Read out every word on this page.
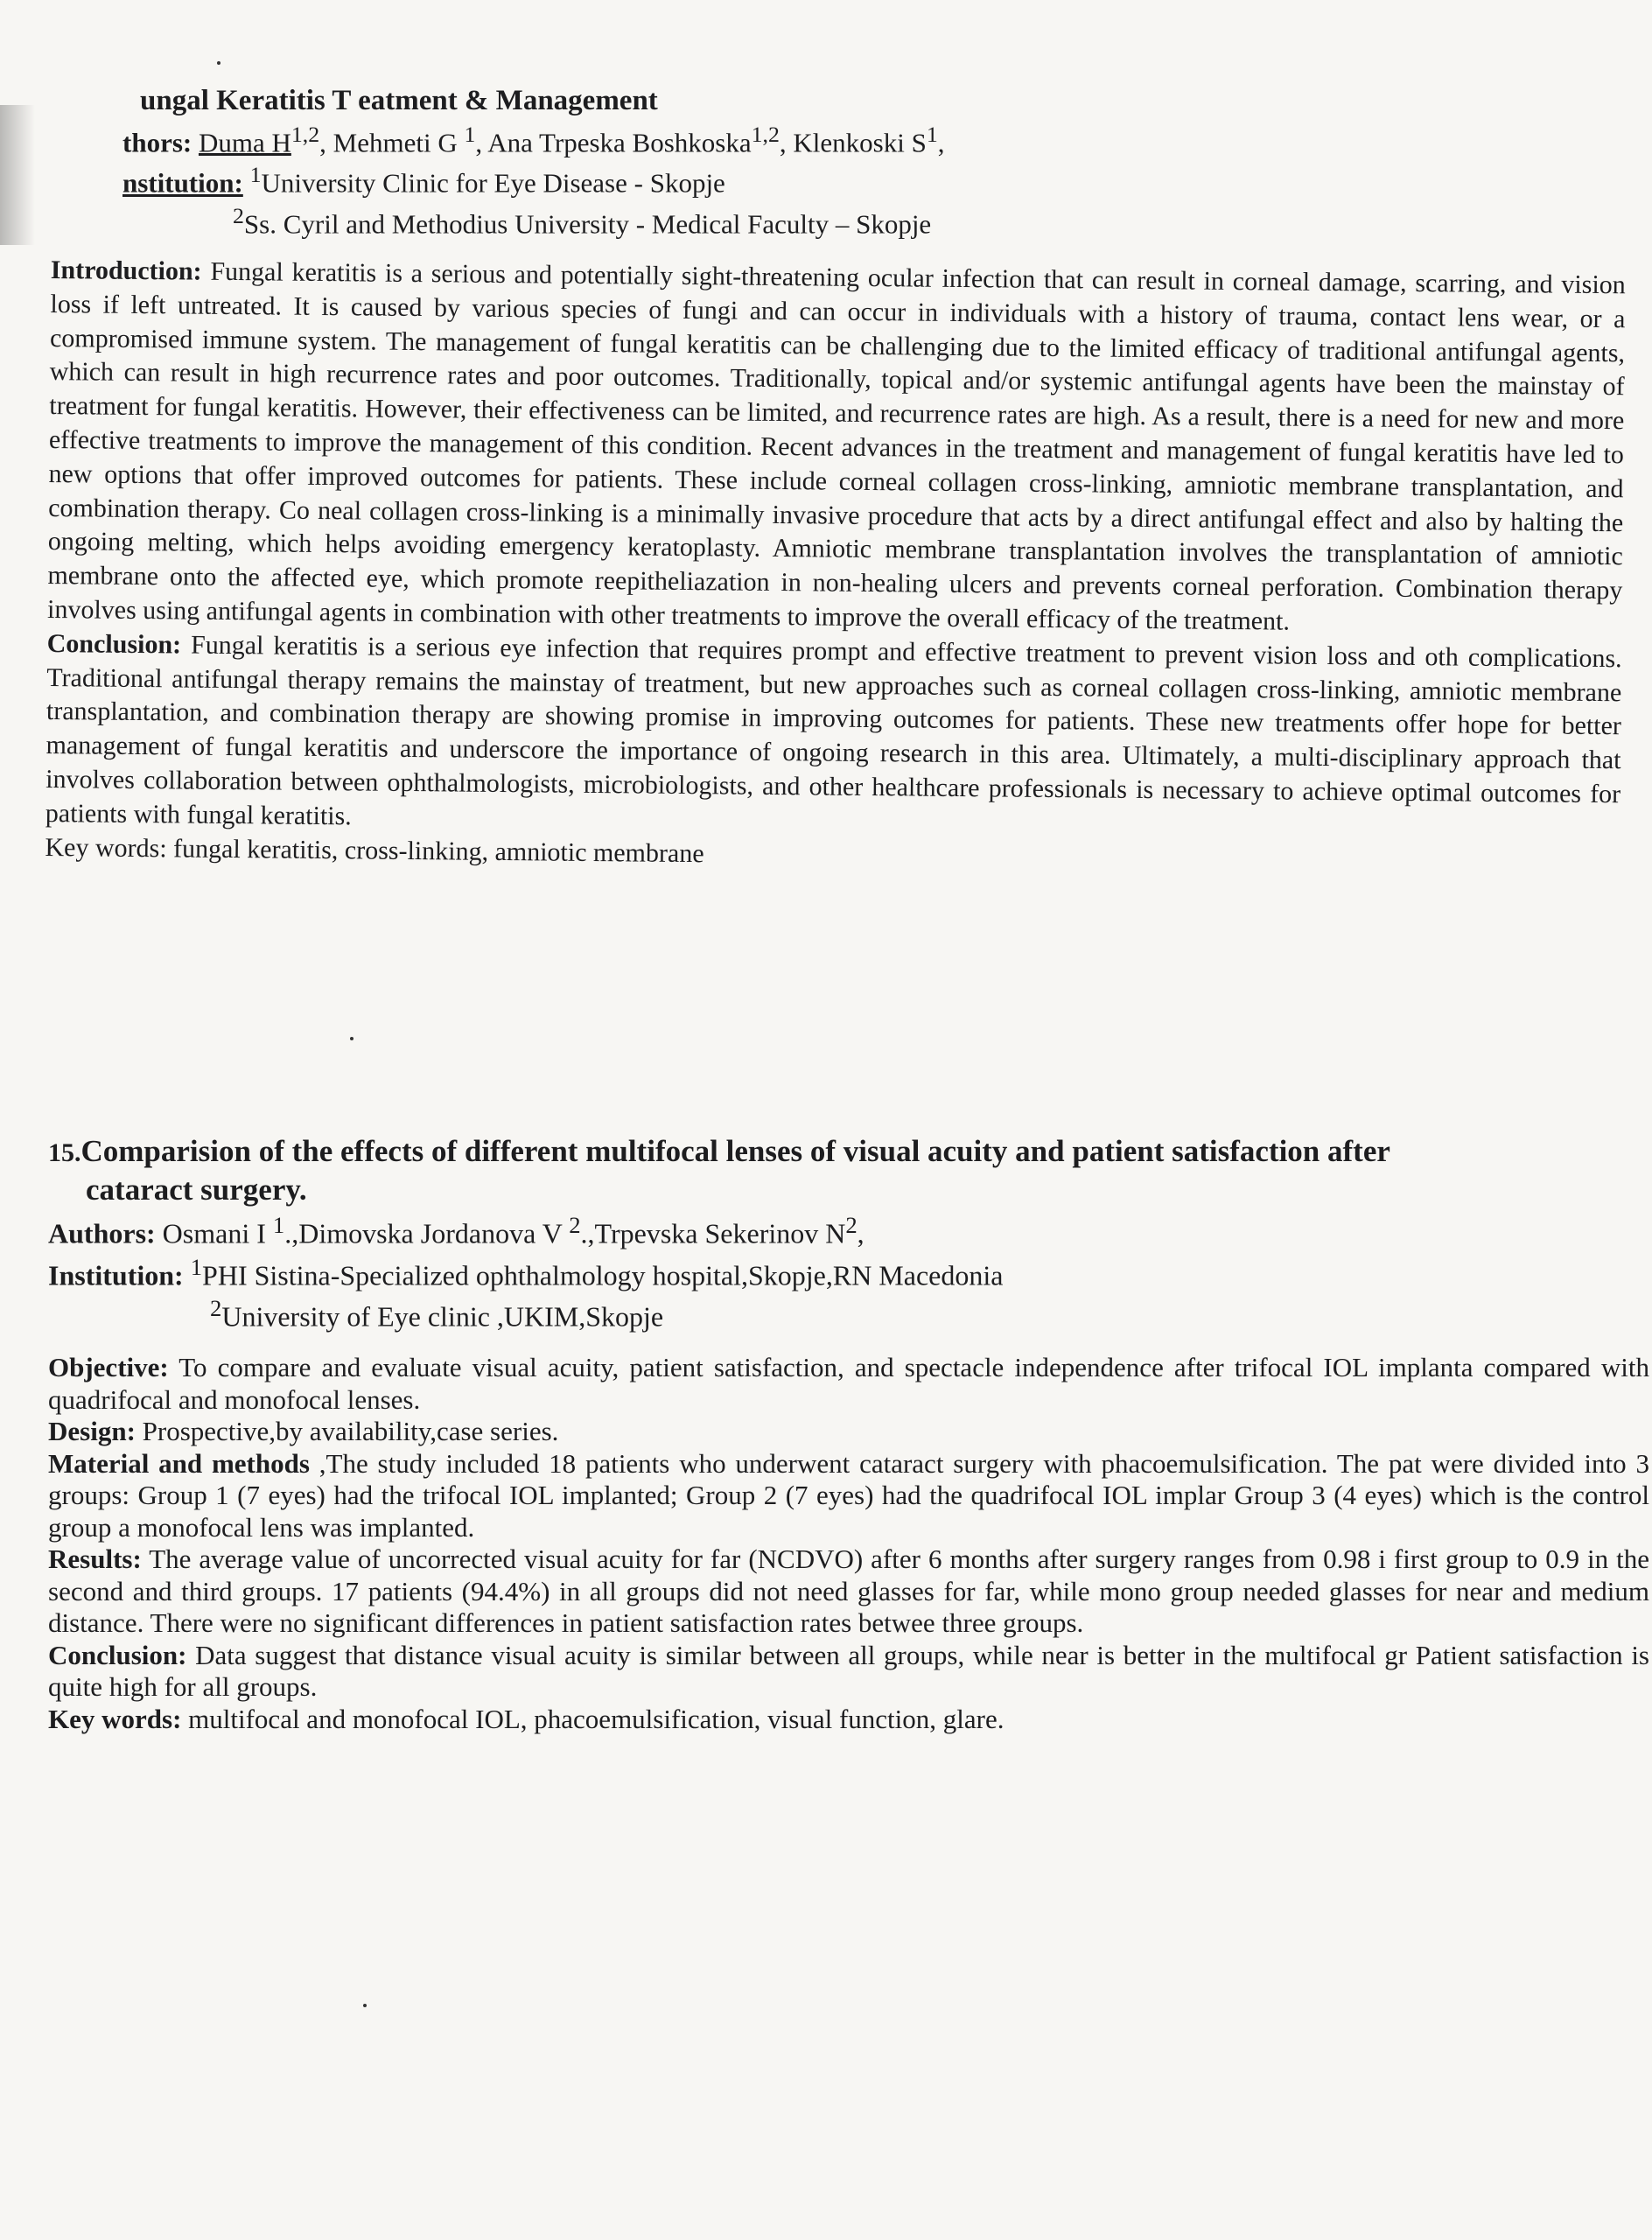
ungal Keratitis T eatment & Management
thors: Duma H$^{1,2}$, Mehmeti G $^1$, Ana Trpeska Boshkoska$^{1,2}$, Klenkoski $S^1$,
nstitution: $^1$University Clinic for Eye Disease - Skopje
$^2$Ss. Cyril and Methodius University - Medical Faculty – Skopje

Introduction: Fungal keratitis is a serious and potentially sight-threatening ocular infection that can result in corneal damage, scarring, and vision loss if left untreated. It is caused by various species of fungi and can occur in individuals with a history of trauma, contact lens wear, or a compromised immune system. The management of fungal keratitis can be challenging due to the limited efficacy of traditional antifungal agents, which can result in high recurrence rates and poor outcomes. Traditionally, topical and/or systemic antifungal agents have been the mainstay of treatment for fungal keratitis. However, their effectiveness can be limited, and recurrence rates are high. As a result, there is a need for new and more effective treatments to improve the management of this condition. Recent advances in the treatment and management of fungal keratitis have led to new options that offer improved outcomes for patients. These include corneal collagen cross-linking, amniotic membrane transplantation, and combination therapy. Co neal collagen cross-linking is a minimally invasive procedure that acts by a direct antifungal effect and also by halting the ongoing melting, which helps avoiding emergency keratoplasty. Amniotic membrane transplantation involves the transplantation of amniotic membrane onto the affected eye, which promote reepitheliazation in non-healing ulcers and prevents corneal perforation. Combination therapy involves using antifungal agents in combination with other treatments to improve the overall efficacy of the treatment.

Conclusion: Fungal keratitis is a serious eye infection that requires prompt and effective treatment to prevent vision loss and oth complications. Traditional antifungal therapy remains the mainstay of treatment, but new approaches such as corneal collagen cross-linking, amniotic membrane transplantation, and combination therapy are showing promise in improving outcomes for patients. These new treatments offer hope for better management of fungal keratitis and underscore the importance of ongoing research in this area. Ultimately, a multi-disciplinary approach that involves collaboration between ophthalmologists, microbiologists, and other healthcare professionals is necessary to achieve optimal outcomes for patients with fungal keratitis.

Key words: fungal keratitis, cross-linking, amniotic membrane

15.Comparision of the effects of different multifocal lenses of visual acuity and patient satisfaction after

cataract surgery.

Authors: Osmani I $^1$.,Dimovska Jordanova V $^2$.,Trpevska Sekerinov $N^2$,
Institution: $^1$PHI Sistina-Specialized ophthalmology hospital,Skopje,RN Macedonia
$^2$University of Eye clinic ,UKIM,Skopje

Objective: To compare and evaluate visual acuity, patient satisfaction, and spectacle independence after trifocal IOL implanta compared with quadrifocal and monofocal lenses.

Design: Prospective,by availability,case series.

Material and methods ,The study included 18 patients who underwent cataract surgery with phacoemulsification. The pat were divided into 3 groups: Group 1 (7 eyes) had the trifocal IOL implanted; Group 2 (7 eyes) had the quadrifocal IOL implar Group 3 (4 eyes) which is the control group a monofocal lens was implanted.

Results: The average value of uncorrected visual acuity for far (NCDVO) after 6 months after surgery ranges from 0.98 i first group to 0.9 in the second and third groups. 17 patients (94.4%) in all groups did not need glasses for far, while mono group needed glasses for near and medium distance. There were no significant differences in patient satisfaction rates betwee three groups.

Conclusion: Data suggest that distance visual acuity is similar between all groups, while near is better in the multifocal gr Patient satisfaction is quite high for all groups.

Key words: multifocal and monofocal IOL, phacoemulsification, visual function, glare.
